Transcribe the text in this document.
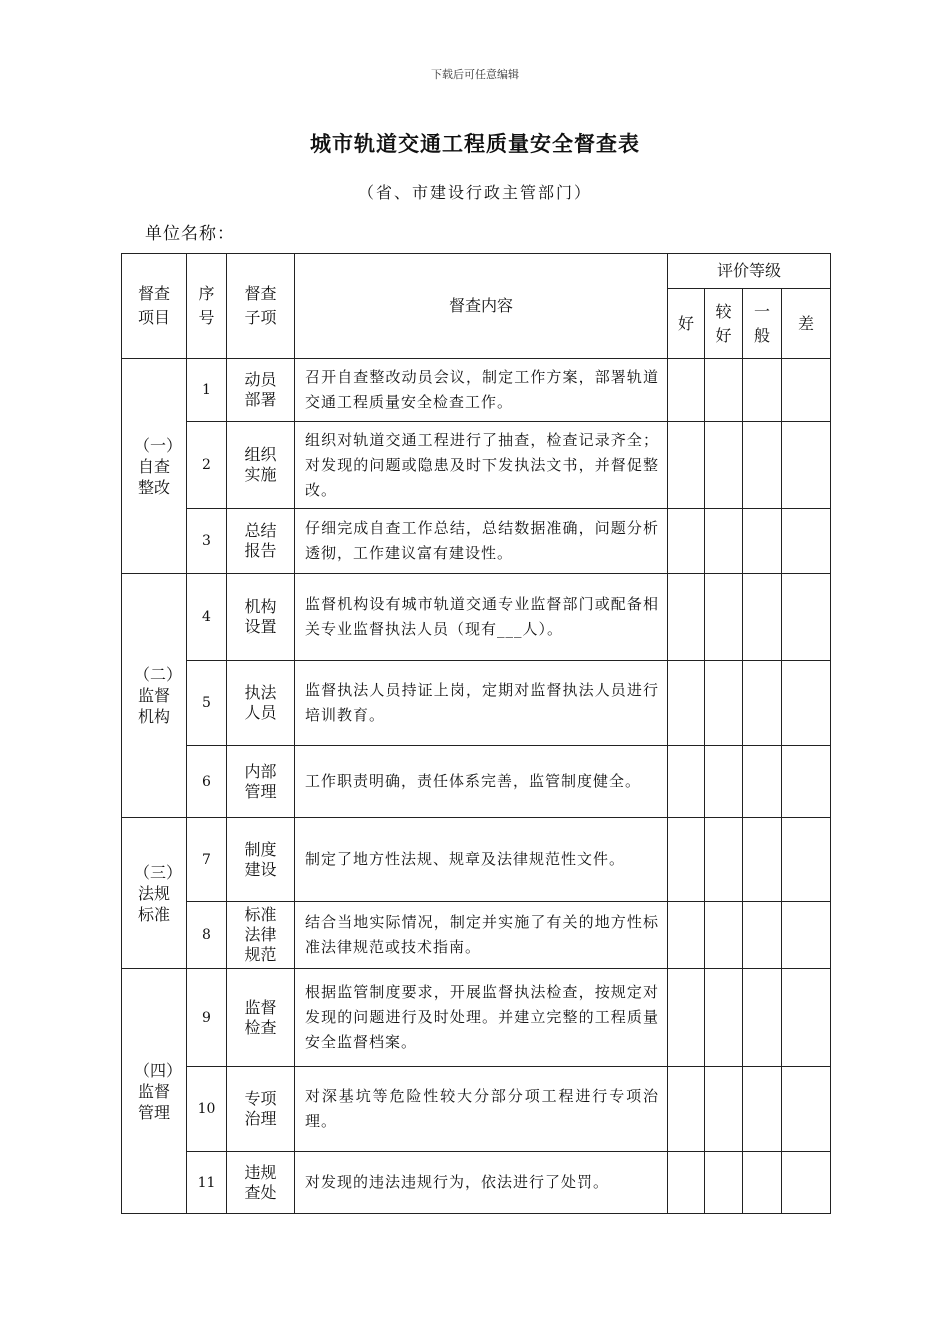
下载后可任意编辑
城市轨道交通工程质量安全督查表
（省、市建设行政主管部门）
单位名称：
督查项目	序号	督查子项	督查内容	评价等级			

				好	较好	一般	差

（一）自查整改	1	动员部署	召开自查整改动员会议，制定工作方案，部署轨道交通工程质量安全检查工作。				
	2	组织实施	组织对轨道交通工程进行了抽查，检查记录齐全；对发现的问题或隐患及时下发执法文书，并督促整改。				
	3	总结报告	仔细完成自查工作总结，总结数据准确，问题分析透彻，工作建议富有建设性。				
（二）监督机构	4	机构设置	监督机构设有城市轨道交通专业监督部门或配备相关专业监督执法人员（现有___人）。				
	5	执法人员	监督执法人员持证上岗，定期对监督执法人员进行培训教育。				
	6	内部管理	工作职责明确，责任体系完善，监管制度健全。				
（三）法规标准	7	制度建设	制定了地方性法规、规章及法律规范性文件。				
	8	标准法律规范	结合当地实际情况，制定并实施了有关的地方性标准法律规范或技术指南。				
（四）监督管理	9	监督检查	根据监管制度要求，开展监督执法检查，按规定对发现的问题进行及时处理。并建立完整的工程质量安全监督档案。				
	10	专项治理	对深基坑等危险性较大分部分项工程进行专项治理。				
	11	违规查处	对发现的违法违规行为，依法进行了处罚。				
